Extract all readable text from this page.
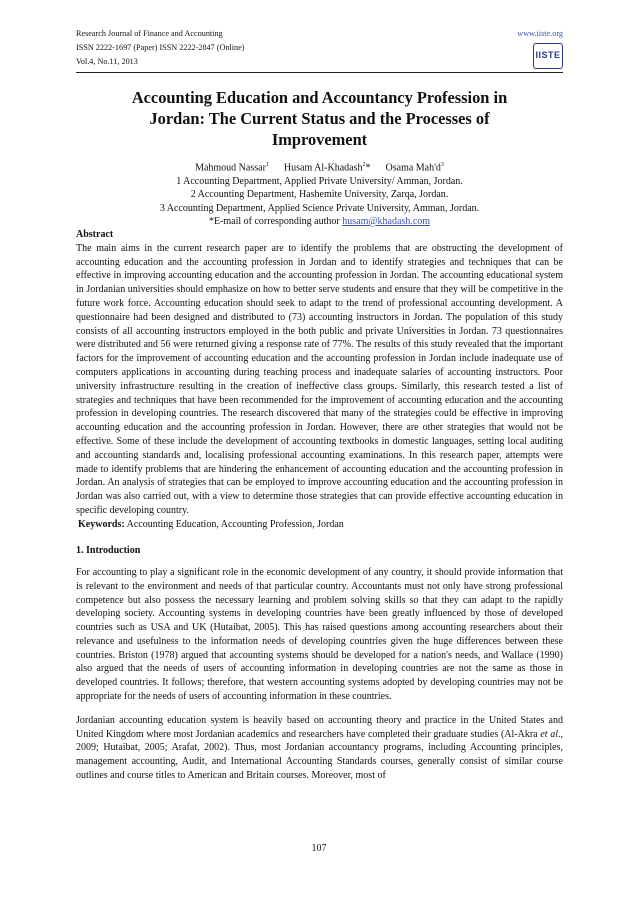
Research Journal of Finance and Accounting
ISSN 2222-1697 (Paper) ISSN 2222-2847 (Online)
Vol.4, No.11, 2013
www.iiste.org
IISTE
Accounting Education and Accountancy Profession in Jordan: The Current Status and the Processes of Improvement
Mahmoud Nassar$^1$ Husam Al-Khadash$^2$* Osama $Mah'd^3$
1 Accounting Department, Applied Private University/ Amman, Jordan.
2 Accounting Department, Hashemite University, Zarqa, Jordan.
3 Accounting Department, Applied Science Private University, Amman, Jordan.
*E-mail of corresponding author husam@khadash.com
Abstract

The main aims in the current research paper are to identify the problems that are obstructing the development of accounting education and the accounting profession in Jordan and to identify strategies and techniques that can be effective in improving accounting education and the accounting profession in Jordan. The accounting educational system in Jordanian universities should emphasize on how to better serve students and ensure that they will be competitive in the future work force. Accounting education should seek to adapt to the trend of professional accounting development. A questionnaire had been designed and distributed to (73) accounting instructors in Jordan. The population of this study consists of all accounting instructors employed in the both public and private Universities in Jordan. 73 questionnaires were distributed and 56 were returned giving a response rate of 77%. The results of this study revealed that the important factors for the improvement of accounting education and the accounting profession in Jordan include inadequate use of computers applications in accounting during teaching process and inadequate salaries of accounting instructors. Poor university infrastructure resulting in the creation of ineffective class groups. Similarly, this research tested a list of strategies and techniques that have been recommended for the improvement of accounting education and the accounting profession in developing countries. The research discovered that many of the strategies could be effective in improving accounting education and the accounting profession in Jordan. However, there are other strategies that would not be effective. Some of these include the development of accounting textbooks in domestic languages, setting local auditing and accounting standards and, localising professional accounting examinations. In this research paper, attempts were made to identify problems that are hindering the enhancement of accounting education and the accounting profession in Jordan. An analysis of strategies that can be employed to improve accounting education and the accounting profession in Jordan was also carried out, with a view to determine those strategies that can provide effective accounting education in specific developing country.

Keywords: Accounting Education, Accounting Profession, Jordan

1. Introduction

For accounting to play a significant role in the economic development of any country, it should provide information that is relevant to the environment and needs of that particular country. Accountants must not only have strong professional competence but also possess the necessary learning and problem solving skills so that they can adapt to the rapidly developing society. Accounting systems in developing countries have been greatly influenced by those of developed countries such as USA and UK (Hutaibat, 2005). This has raised questions among accounting researchers about their relevance and usefulness to the information needs of developing countries given the huge differences between these countries. Briston (1978) argued that accounting systems should be developed for a nation's needs, and Wallace (1990) also argued that the needs of users of accounting information in developing countries are not the same as those in developed countries. It follows; therefore, that western accounting systems adopted by developing countries may not be appropriate for the needs of users of accounting information in these countries.

Jordanian accounting education system is heavily based on accounting theory and practice in the United States and United Kingdom where most Jordanian academics and researchers have completed their graduate studies (Al-Akra et al., 2009; Hutaibat, 2005; Arafat, 2002). Thus, most Jordanian accountancy programs, including Accounting principles, management accounting, Audit, and International Accounting Standards courses, generally consist of similar course outlines and course titles to American and Britain courses. Moreover, most of

107
